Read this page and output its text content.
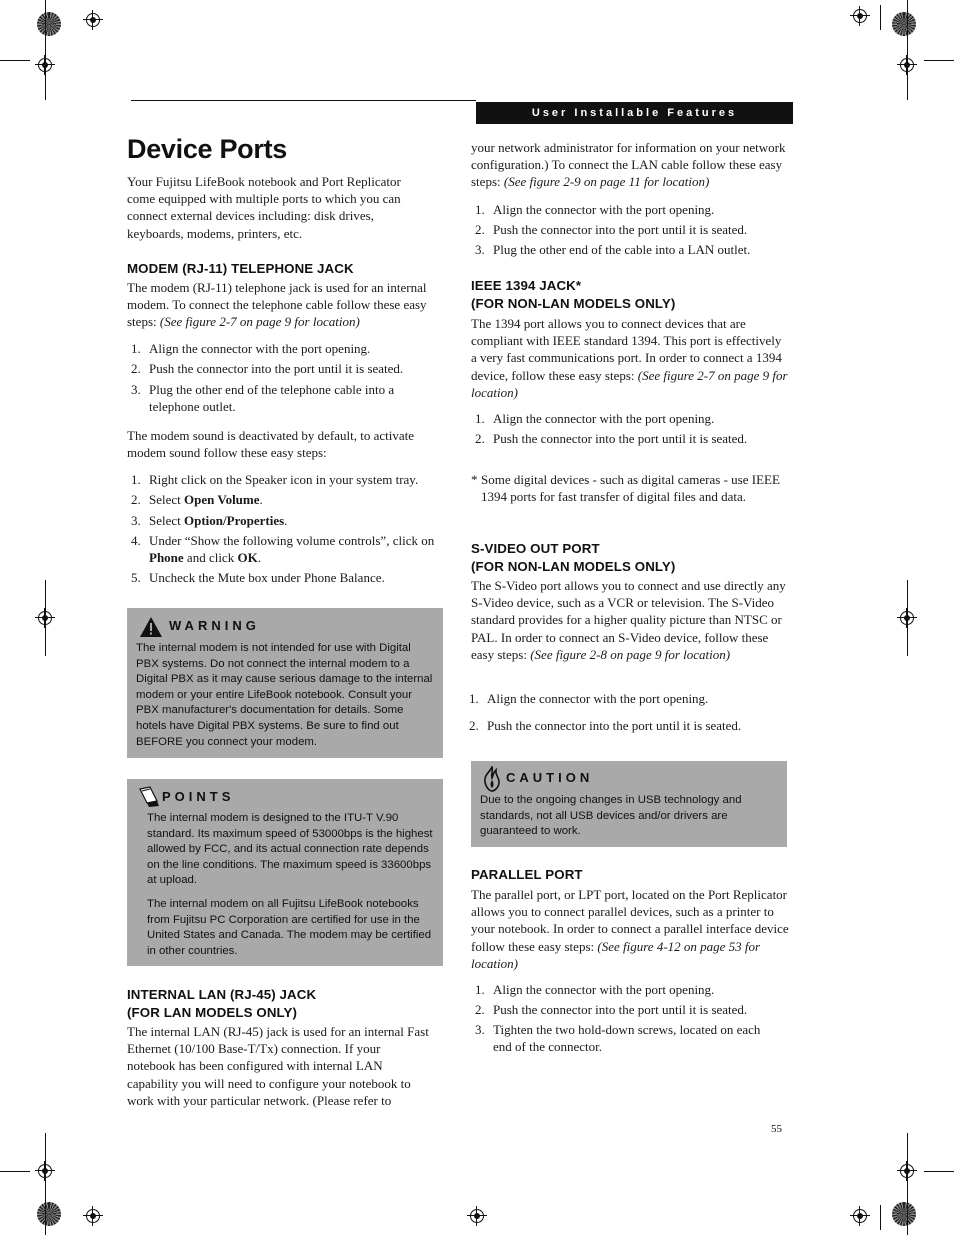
User Installable Features
Device Ports

Your Fujitsu LifeBook notebook and Port Replicator come equipped with multiple ports to which you can connect external devices including: disk drives, keyboards, modems, printers, etc.

MODEM (RJ-11) TELEPHONE JACK

The modem (RJ-11) telephone jack is used for an internal modem. To connect the telephone cable follow these easy steps: (See figure 2-7 on page 9 for location)

1. Align the connector with the port opening.
2. Push the connector into the port until it is seated.
3. Plug the other end of the telephone cable into a telephone outlet.

The modem sound is deactivated by default, to activate modem sound follow these easy steps:

1. Right click on the Speaker icon in your system tray.
2. Select Open Volume.
3. Select Option/Properties.
4. Under “Show the following volume controls”, click on Phone and click OK.
5. Uncheck the Mute box under Phone Balance.
WARNING

The internal modem is not intended for use with Digital PBX systems. Do not connect the internal modem to a Digital PBX as it may cause serious damage to the internal modem or your entire LifeBook notebook. Consult your PBX manufacturer's documentation for details. Some hotels have Digital PBX systems. Be sure to find out BEFORE you connect your modem.

POINTS

The internal modem is designed to the ITU-T V.90 standard. Its maximum speed of 53000bps is the highest allowed by FCC, and its actual connection rate depends on the line conditions. The maximum speed is 33600bps at upload.

The internal modem on all Fujitsu LifeBook notebooks from Fujitsu PC Corporation are certified for use in the United States and Canada. The modem may be certified in other countries.

INTERNAL LAN (RJ-45) JACK
(FOR LAN MODELS ONLY)

The internal LAN (RJ-45) jack is used for an internal Fast Ethernet (10/100 Base-T/Tx) connection. If your notebook has been configured with internal LAN capability you will need to configure your notebook to work with your particular network. (Please refer to

your network administrator for information on your network configuration.) To connect the LAN cable follow these easy steps: (See figure 2-9 on page 11 for location)

1. Align the connector with the port opening.
2. Push the connector into the port until it is seated.
3. Plug the other end of the cable into a LAN outlet.
IEEE 1394 JACK*
(FOR NON-LAN MODELS ONLY)

The 1394 port allows you to connect devices that are compliant with IEEE standard 1394. This port is effectively a very fast communications port. In order to connect a 1394 device, follow these easy steps: (See figure 2-7 on page 9 for location)

1. Align the connector with the port opening.
2. Push the connector into the port until it is seated.
* Some digital devices - such as digital cameras - use IEEE 1394 ports for fast transfer of digital files and data.

S-VIDEO OUT PORT
(FOR NON-LAN MODELS ONLY)

The S-Video port allows you to connect and use directly any S-Video device, such as a VCR or television. The S-Video standard provides for a higher quality picture than NTSC or PAL. In order to connect an S-Video device, follow these easy steps: (See figure 2-8 on page 9 for location)

1. Align the connector with the port opening.
2. Push the connector into the port until it is seated.
CAUTION

Due to the ongoing changes in USB technology and standards, not all USB devices and/or drivers are guaranteed to work.

PARALLEL PORT

The parallel port, or LPT port, located on the Port Replicator allows you to connect parallel devices, such as a printer to your notebook. In order to connect a parallel interface device follow these easy steps: (See figure 4-12 on page 53 for location)

1. Align the connector with the port opening.
2. Push the connector into the port until it is seated.
3. Tighten the two hold-down screws, located on each end of the connector.
55
